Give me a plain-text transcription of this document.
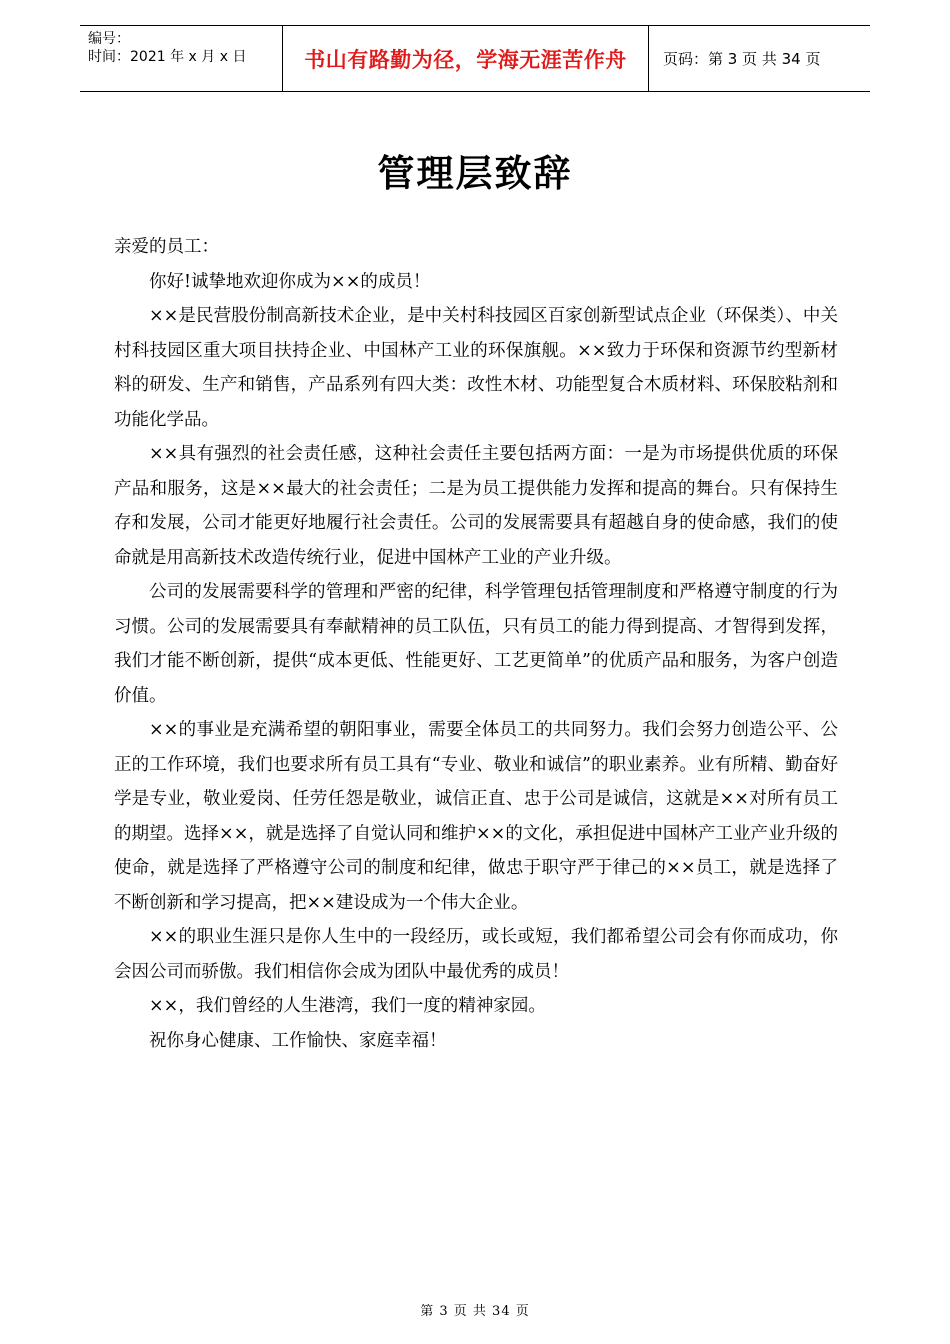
编号：
时间：2021 年 x 月 x 日	书山有路勤为径，学海无涯苦作舟	页码：第 3 页 共 34 页
管理层致辞

亲爱的员工：

你好!诚挚地欢迎你成为××的成员！

××是民营股份制高新技术企业，是中关村科技园区百家创新型试点企业（环保类）、中关村科技园区重大项目扶持企业、中国林产工业的环保旗舰。××致力于环保和资源节约型新材料的研发、生产和销售，产品系列有四大类：改性木材、功能型复合木质材料、环保胶粘剂和功能化学品。

××具有强烈的社会责任感，这种社会责任主要包括两方面：一是为市场提供优质的环保产品和服务，这是××最大的社会责任；二是为员工提供能力发挥和提高的舞台。只有保持生存和发展，公司才能更好地履行社会责任。公司的发展需要具有超越自身的使命感，我们的使命就是用高新技术改造传统行业，促进中国林产工业的产业升级。

公司的发展需要科学的管理和严密的纪律，科学管理包括管理制度和严格遵守制度的行为习惯。公司的发展需要具有奉献精神的员工队伍，只有员工的能力得到提高、才智得到发挥，我们才能不断创新，提供“成本更低、性能更好、工艺更简单”的优质产品和服务，为客户创造价值。

××的事业是充满希望的朝阳事业，需要全体员工的共同努力。我们会努力创造公平、公正的工作环境，我们也要求所有员工具有“专业、敬业和诚信”的职业素养。业有所精、勤奋好学是专业，敬业爱岗、任劳任怨是敬业，诚信正直、忠于公司是诚信，这就是××对所有员工的期望。选择××，就是选择了自觉认同和维护××的文化，承担促进中国林产工业产业升级的使命，就是选择了严格遵守公司的制度和纪律，做忠于职守严于律己的××员工，就是选择了不断创新和学习提高，把××建设成为一个伟大企业。

××的职业生涯只是你人生中的一段经历，或长或短，我们都希望公司会有你而成功，你会因公司而骄傲。我们相信你会成为团队中最优秀的成员！

××，我们曾经的人生港湾，我们一度的精神家园。

祝你身心健康、工作愉快、家庭幸福！

第 3 页 共 34 页
